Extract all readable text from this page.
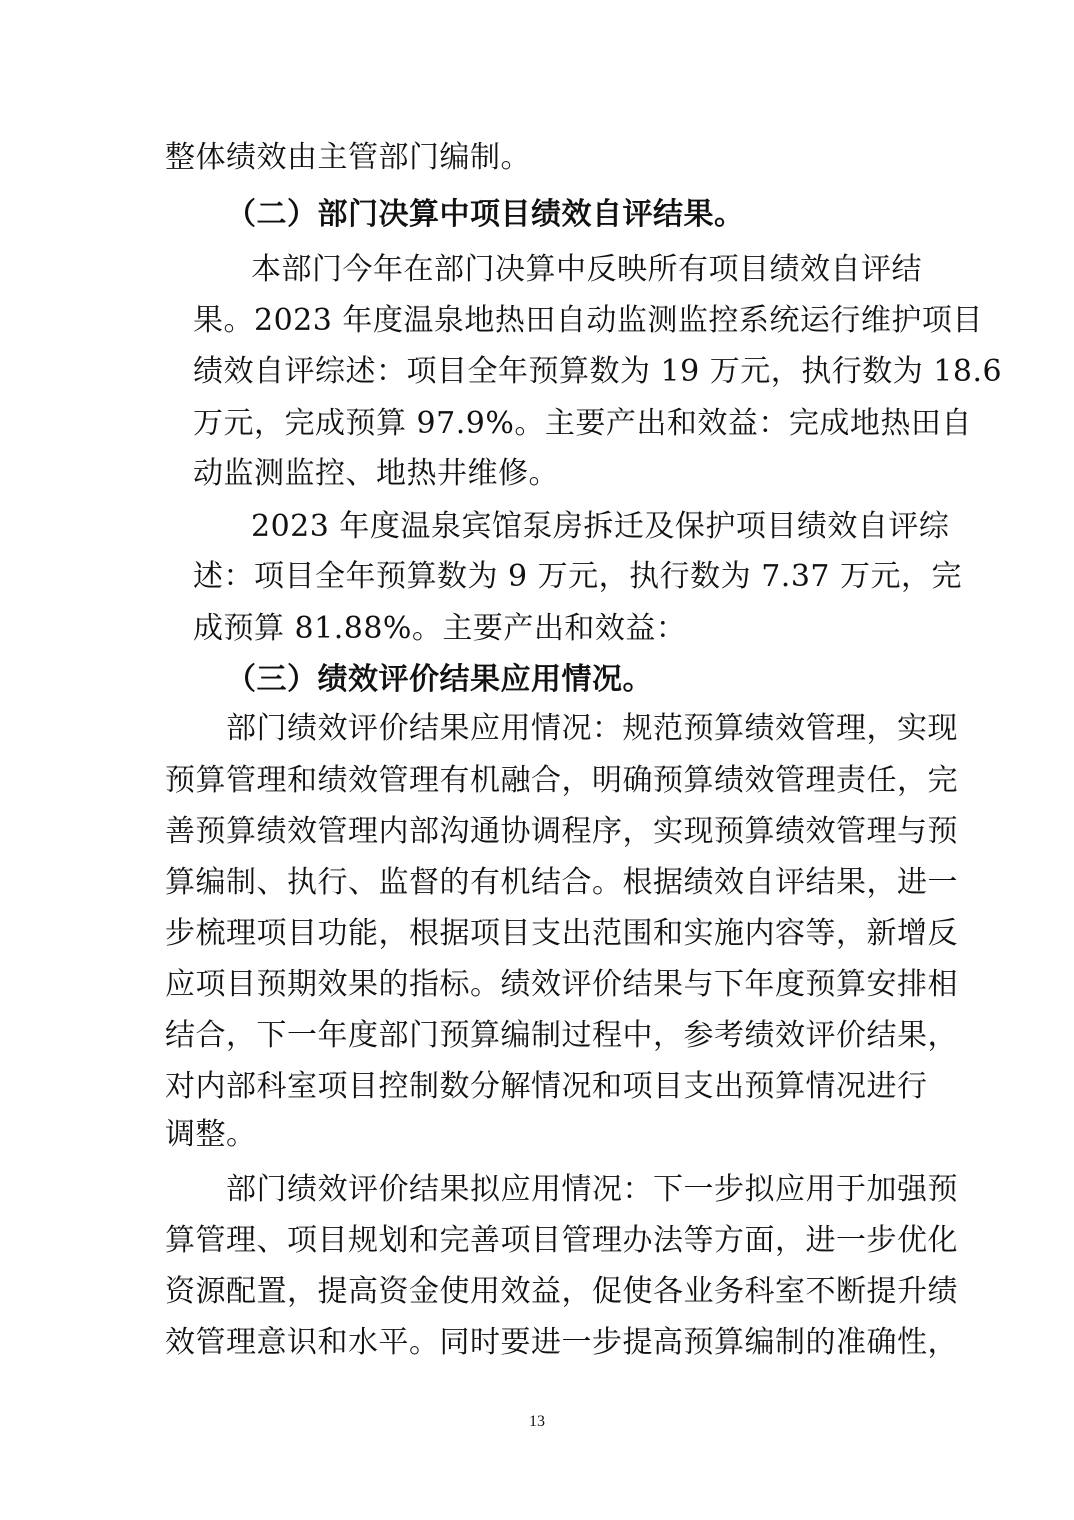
整体绩效由主管部门编制。
（二）部门决算中项目绩效自评结果。
本部门今年在部门决算中反映所有项目绩效自评结
果。2023 年度温泉地热田自动监测监控系统运行维护项目
绩效自评综述：项目全年预算数为 19 万元，执行数为 18.6
万元，完成预算 97.9%。主要产出和效益：完成地热田自
动监测监控、地热井维修。
2023 年度温泉宾馆泵房拆迁及保护项目绩效自评综
述：项目全年预算数为 9 万元，执行数为 7.37 万元，完
成预算 81.88%。主要产出和效益：
（三）绩效评价结果应用情况。
部门绩效评价结果应用情况：规范预算绩效管理，实现
预算管理和绩效管理有机融合，明确预算绩效管理责任，完
善预算绩效管理内部沟通协调程序，实现预算绩效管理与预
算编制、执行、监督的有机结合。根据绩效自评结果，进一
步梳理项目功能，根据项目支出范围和实施内容等，新增反
应项目预期效果的指标。绩效评价结果与下年度预算安排相
结合，下一年度部门预算编制过程中，参考绩效评价结果，
对内部科室项目控制数分解情况和项目支出预算情况进行
调整。
部门绩效评价结果拟应用情况：下一步拟应用于加强预
算管理、项目规划和完善项目管理办法等方面，进一步优化
资源配置，提高资金使用效益，促使各业务科室不断提升绩
效管理意识和水平。同时要进一步提高预算编制的准确性，
13
